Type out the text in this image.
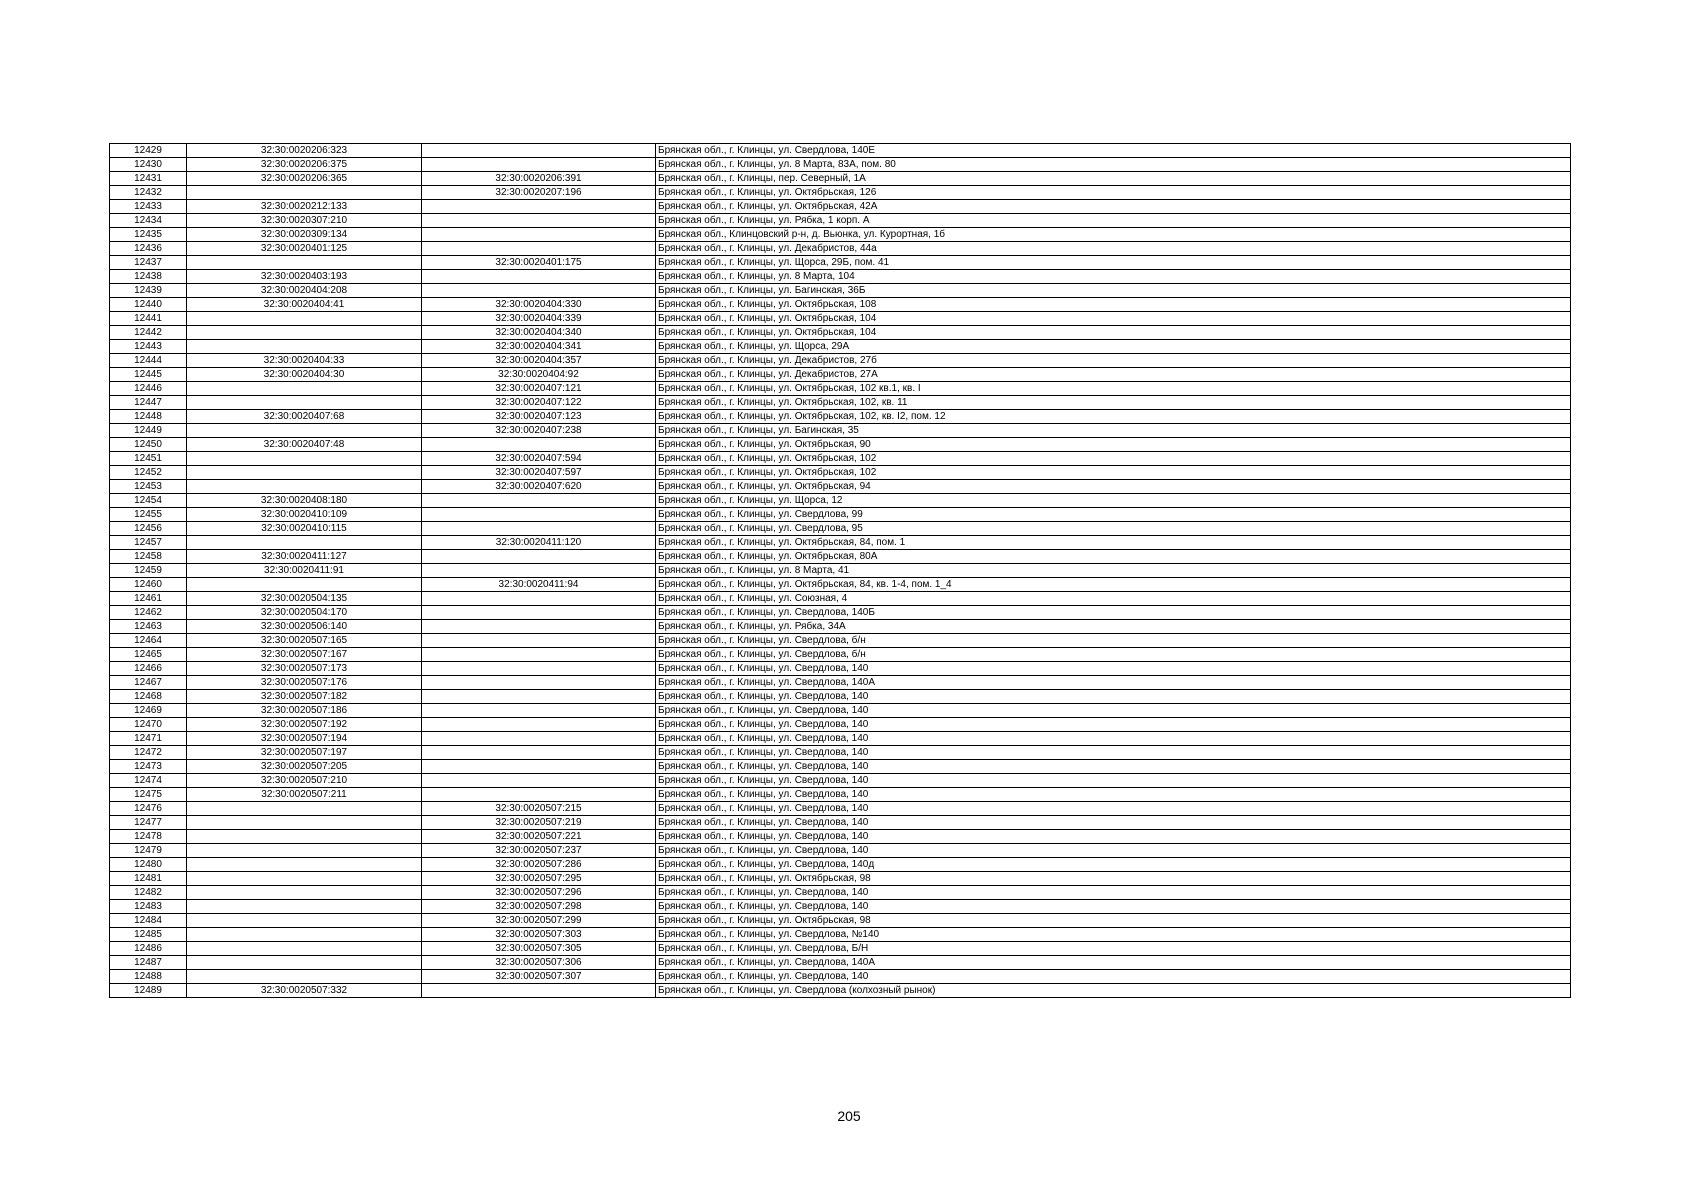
12429	32:30:0020206:323		Брянская обл., г. Клинцы, ул. Свердлова, 140Е
12430	32:30:0020206:375		Брянская обл., г. Клинцы, ул. 8 Марта, 83А, пом. 80
12431	32:30:0020206:365	32:30:0020206:391	Брянская обл., г. Клинцы, пер. Северный, 1А
12432		32:30:0020207:196	Брянская обл., г. Клинцы, ул. Октябрьская, 126
12433	32:30:0020212:133		Брянская обл., г. Клинцы, ул. Октябрьская, 42А
12434	32:30:0020307:210		Брянская обл., г. Клинцы, ул. Рябка, 1 корп. А
12435	32:30:0020309:134		Брянская обл., Клинцовский р-н, д. Вьюнка, ул. Курортная, 1б
12436	32:30:0020401:125		Брянская обл., г. Клинцы, ул. Декабристов, 44а
12437		32:30:0020401:175	Брянская обл., г. Клинцы, ул. Щорса, 29Б, пом. 41
12438	32:30:0020403:193		Брянская обл., г. Клинцы, ул. 8 Марта, 104
12439	32:30:0020404:208		Брянская обл., г. Клинцы, ул. Багинская, 36Б
12440	32:30:0020404:41	32:30:0020404:330	Брянская обл., г. Клинцы, ул. Октябрьская, 108
12441		32:30:0020404:339	Брянская обл., г. Клинцы, ул. Октябрьская, 104
12442		32:30:0020404:340	Брянская обл., г. Клинцы, ул. Октябрьская, 104
12443		32:30:0020404:341	Брянская обл., г. Клинцы, ул. Щорса, 29А
12444	32:30:0020404:33	32:30:0020404:357	Брянская обл., г. Клинцы, ул. Декабристов, 27б
12445	32:30:0020404:30	32:30:0020404:92	Брянская обл., г. Клинцы, ул. Декабристов, 27А
12446		32:30:0020407:121	Брянская обл., г. Клинцы, ул. Октябрьская, 102 кв.1, кв. I
12447		32:30:0020407:122	Брянская обл., г. Клинцы, ул. Октябрьская, 102, кв. 11
12448	32:30:0020407:68	32:30:0020407:123	Брянская обл., г. Клинцы, ул. Октябрьская, 102, кв. I2, пом. 12
12449		32:30:0020407:238	Брянская обл., г. Клинцы, ул. Багинская, 35
12450	32:30:0020407:48		Брянская обл., г. Клинцы, ул. Октябрьская, 90
12451		32:30:0020407:594	Брянская обл., г. Клинцы, ул. Октябрьская, 102
12452		32:30:0020407:597	Брянская обл., г. Клинцы, ул. Октябрьская, 102
12453		32:30:0020407:620	Брянская обл., г. Клинцы, ул. Октябрьская, 94
12454	32:30:0020408:180		Брянская обл., г. Клинцы, ул. Щорса, 12
12455	32:30:0020410:109		Брянская обл., г. Клинцы, ул. Свердлова, 99
12456	32:30:0020410:115		Брянская обл., г. Клинцы, ул. Свердлова, 95
12457		32:30:0020411:120	Брянская обл., г. Клинцы, ул. Октябрьская, 84, пом. 1
12458	32:30:0020411:127		Брянская обл., г. Клинцы, ул. Октябрьская, 80А
12459	32:30:0020411:91		Брянская обл., г. Клинцы, ул. 8 Марта, 41
12460		32:30:0020411:94	Брянская обл., г. Клинцы, ул. Октябрьская, 84, кв. 1-4, пом. 1_4
12461	32:30:0020504:135		Брянская обл., г. Клинцы, ул. Союзная, 4
12462	32:30:0020504:170		Брянская обл., г. Клинцы, ул. Свердлова, 140Б
12463	32:30:0020506:140		Брянская обл., г. Клинцы, ул. Рябка, 34А
12464	32:30:0020507:165		Брянская обл., г. Клинцы, ул. Свердлова, б/н
12465	32:30:0020507:167		Брянская обл., г. Клинцы, ул. Свердлова, б/н
12466	32:30:0020507:173		Брянская обл., г. Клинцы, ул. Свердлова, 140
12467	32:30:0020507:176		Брянская обл., г. Клинцы, ул. Свердлова, 140А
12468	32:30:0020507:182		Брянская обл., г. Клинцы, ул. Свердлова, 140
12469	32:30:0020507:186		Брянская обл., г. Клинцы, ул. Свердлова, 140
12470	32:30:0020507:192		Брянская обл., г. Клинцы, ул. Свердлова, 140
12471	32:30:0020507:194		Брянская обл., г. Клинцы, ул. Свердлова, 140
12472	32:30:0020507:197		Брянская обл., г. Клинцы, ул. Свердлова, 140
12473	32:30:0020507:205		Брянская обл., г. Клинцы, ул. Свердлова, 140
12474	32:30:0020507:210		Брянская обл., г. Клинцы, ул. Свердлова, 140
12475	32:30:0020507:211		Брянская обл., г. Клинцы, ул. Свердлова, 140
12476		32:30:0020507:215	Брянская обл., г. Клинцы, ул. Свердлова, 140
12477		32:30:0020507:219	Брянская обл., г. Клинцы, ул. Свердлова, 140
12478		32:30:0020507:221	Брянская обл., г. Клинцы, ул. Свердлова, 140
12479		32:30:0020507:237	Брянская обл., г. Клинцы, ул. Свердлова, 140
12480		32:30:0020507:286	Брянская обл., г. Клинцы, ул. Свердлова, 140д
12481		32:30:0020507:295	Брянская обл., г. Клинцы, ул. Октябрьская, 98
12482		32:30:0020507:296	Брянская обл., г. Клинцы, ул. Свердлова, 140
12483		32:30:0020507:298	Брянская обл., г. Клинцы, ул. Свердлова, 140
12484		32:30:0020507:299	Брянская обл., г. Клинцы, ул. Октябрьская, 98
12485		32:30:0020507:303	Брянская обл., г. Клинцы, ул. Свердлова, №140
12486		32:30:0020507:305	Брянская обл., г. Клинцы, ул. Свердлова, Б/Н
12487		32:30:0020507:306	Брянская обл., г. Клинцы, ул. Свердлова, 140А
12488		32:30:0020507:307	Брянская обл., г. Клинцы, ул. Свердлова, 140
12489	32:30:0020507:332		Брянская обл., г. Клинцы, ул. Свердлова (колхозный рынок)
205
